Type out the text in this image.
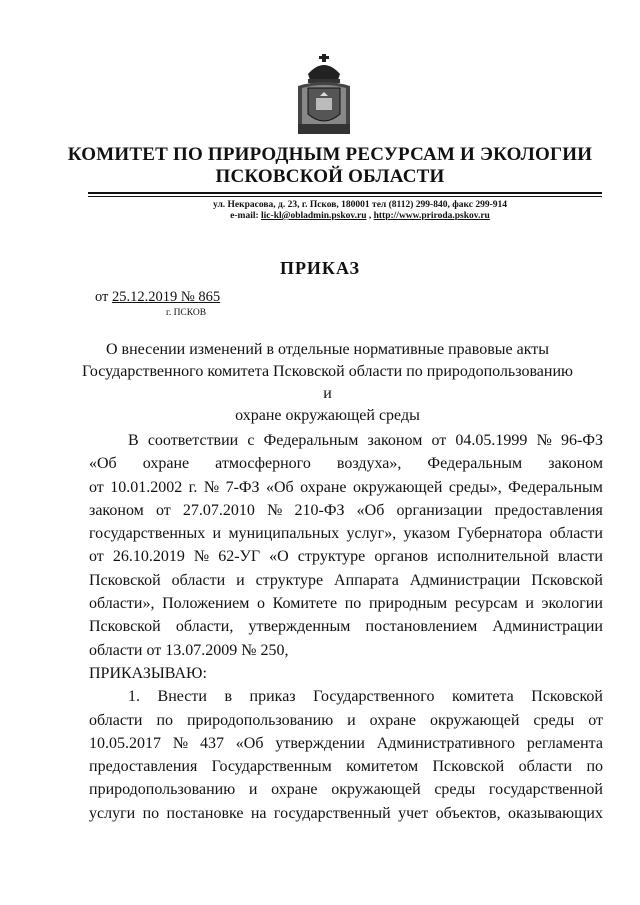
КОМИТЕТ ПО ПРИРОДНЫМ РЕСУРСАМ И ЭКОЛОГИИ
ПСКОВСКОЙ ОБЛАСТИ
ул. Некрасова, д. 23, г. Псков, 180001 тел (8112) 299-840, факс 299-914
e-mail: lic-kl@obladmin.pskov.ru , http://www.priroda.pskov.ru
ПРИКАЗ
от 25.12.2019 № 865
г. ПСКОВ
О внесении изменений в отдельные нормативные правовые акты
Государственного комитета Псковской области по природопользованию и
охране окружающей среды
В соответствии с Федеральным законом от 04.05.1999 № 96-ФЗ
«Об охране атмосферного воздуха», Федеральным законом
от 10.01.2002 г. № 7-ФЗ «Об охране окружающей среды», Федеральным
законом от 27.07.2010 № 210-ФЗ «Об организации предоставления
государственных и муниципальных услуг», указом Губернатора области
от 26.10.2019 № 62-УГ «О структуре органов исполнительной власти
Псковской области и структуре Аппарата Администрации Псковской
области», Положением о Комитете по природным ресурсам и экологии
Псковской области, утвержденным постановлением Администрации
области от 13.07.2009 № 250,
ПРИКАЗЫВАЮ:
1. Внести в приказ Государственного комитета Псковской
области по природопользованию и охране окружающей среды от
10.05.2017 № 437 «Об утверждении Административного регламента
предоставления Государственным комитетом Псковской области по
природопользованию и охране окружающей среды государственной
услуги по постановке на государственный учет объектов, оказывающих
